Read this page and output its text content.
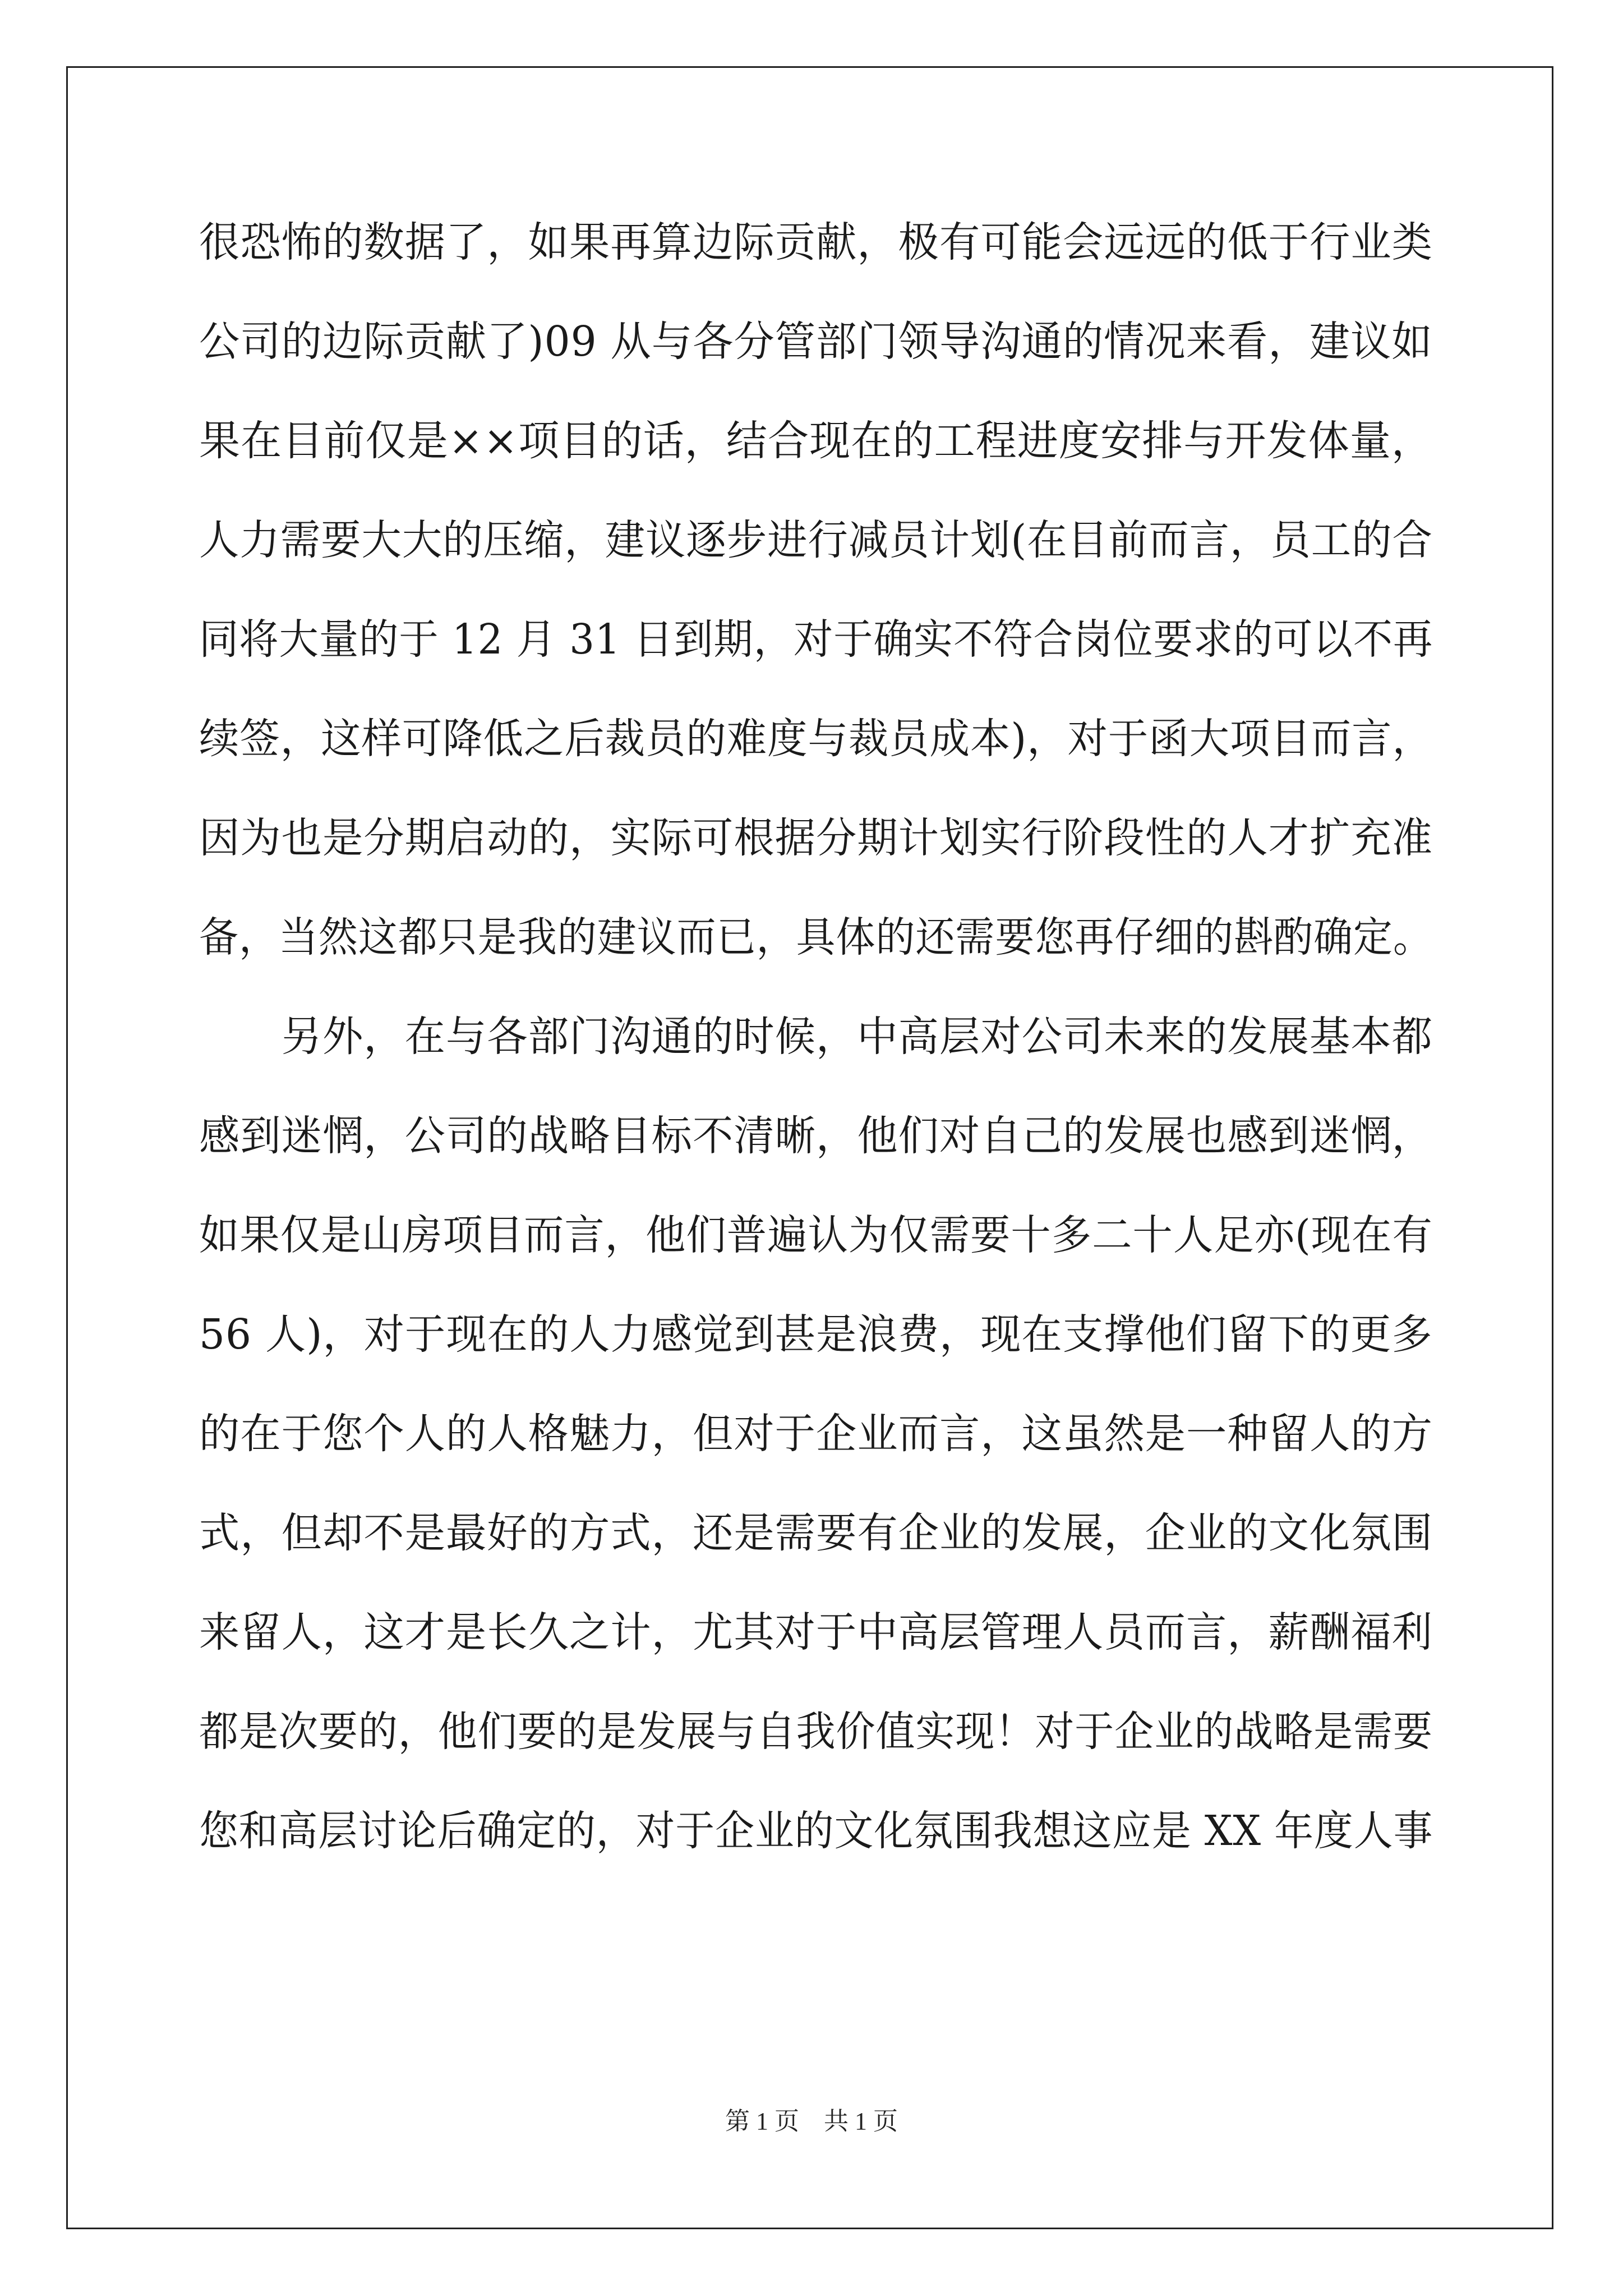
很恐怖的数据了，如果再算边际贡献，极有可能会远远的低于行业类
公司的边际贡献了)09 从与各分管部门领导沟通的情况来看，建议如
果在目前仅是××项目的话，结合现在的工程进度安排与开发体量，
人力需要大大的压缩，建议逐步进行减员计划(在目前而言，员工的合
同将大量的于 12 月 31 日到期，对于确实不符合岗位要求的可以不再
续签，这样可降低之后裁员的难度与裁员成本)，对于函大项目而言，
因为也是分期启动的，实际可根据分期计划实行阶段性的人才扩充准
备，当然这都只是我的建议而已，具体的还需要您再仔细的斟酌确定。
　　另外，在与各部门沟通的时候，中高层对公司未来的发展基本都
感到迷惘，公司的战略目标不清晰，他们对自己的发展也感到迷惘，
如果仅是山房项目而言，他们普遍认为仅需要十多二十人足亦(现在有
56 人)，对于现在的人力感觉到甚是浪费，现在支撑他们留下的更多
的在于您个人的人格魅力，但对于企业而言，这虽然是一种留人的方
式，但却不是最好的方式，还是需要有企业的发展，企业的文化氛围
来留人，这才是长久之计，尤其对于中高层管理人员而言，薪酬福利
都是次要的，他们要的是发展与自我价值实现！对于企业的战略是需要
您和高层讨论后确定的，对于企业的文化氛围我想这应是 XX 年度人事
第 1 页　共 1 页
